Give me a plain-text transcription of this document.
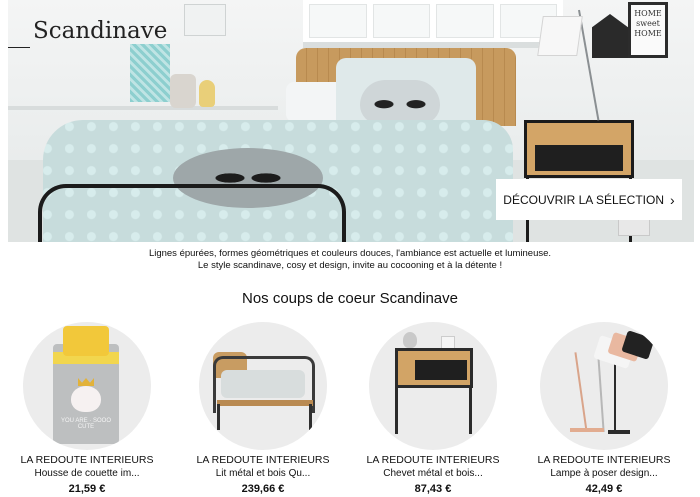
HOME sweet HOME
Scandinave
DÉCOUVRIR LA SÉLECTION ›
Lignes épurées, formes géométriques et couleurs douces, l'ambiance est actuelle et lumineuse.
Le style scandinave, cosy et design, invite au cocooning et à la détente !
Nos coups de coeur Scandinave
YOU ARE · SOOO CUTE
LA REDOUTE INTERIEURS
Housse de couette im...
21,59 €
LA REDOUTE INTERIEURS
Lit métal et bois Qu...
239,66 €
LA REDOUTE INTERIEURS
Chevet métal et bois...
87,43 €
LA REDOUTE INTERIEURS
Lampe à poser design...
42,49 €
